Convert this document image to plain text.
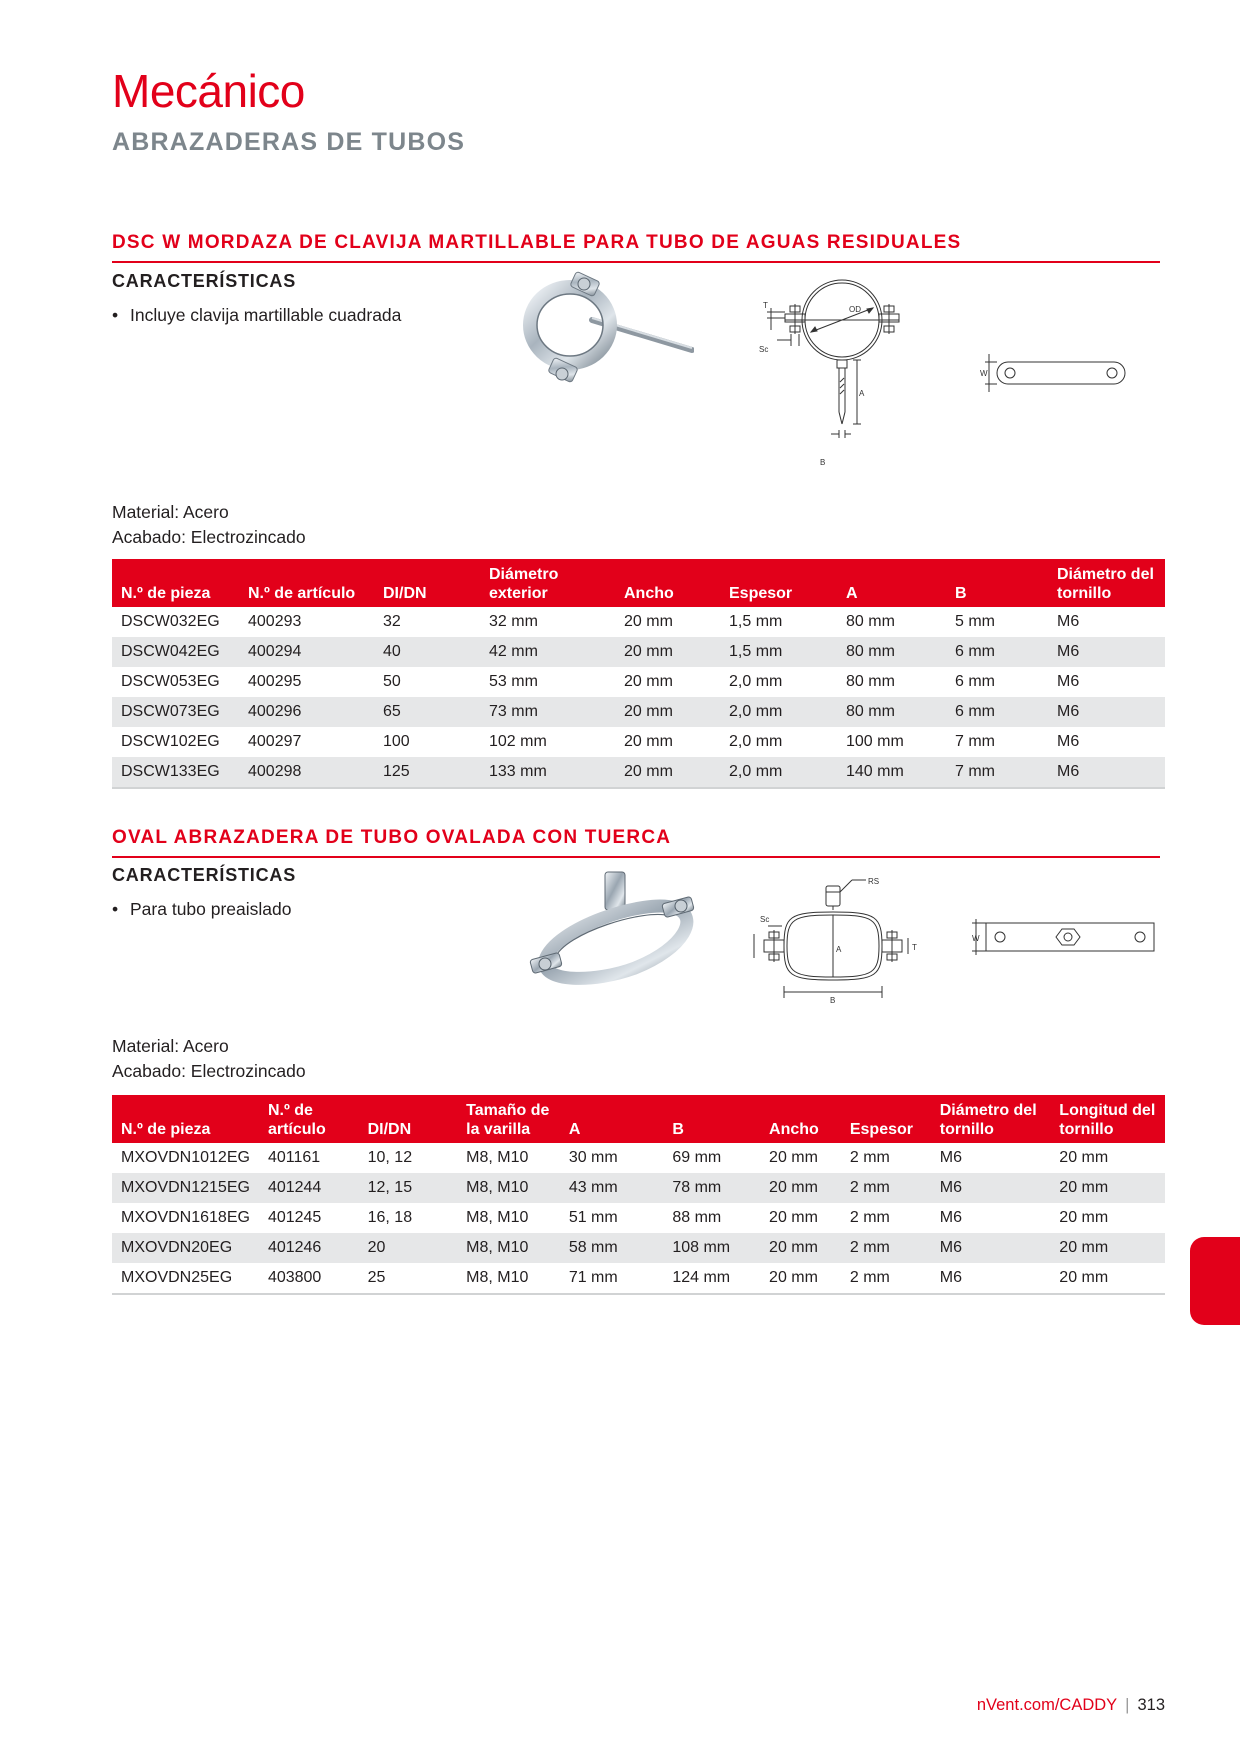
Mecánico
ABRAZADERAS DE TUBOS
DSC W MORDAZA DE CLAVIJA MARTILLABLE PARA TUBO DE AGUAS RESIDUALES
CARACTERÍSTICAS
• Incluye clavija martillable cuadrada	T	OD
Sc
A
B
W
Material: Acero
Acabado: Electrozincado
N.º de pieza	N.º de artículo	DI/DN	Diámetro exterior	Ancho	Espesor	A	B	Diámetro del tornillo
DSCW032EG	400293	32	32 mm	20 mm	1,5 mm	80 mm	5 mm	M6
DSCW042EG	400294	40	42 mm	20 mm	1,5 mm	80 mm	6 mm	M6
DSCW053EG	400295	50	53 mm	20 mm	2,0 mm	80 mm	6 mm	M6
DSCW073EG	400296	65	73 mm	20 mm	2,0 mm	80 mm	6 mm	M6
DSCW102EG	400297	100	102 mm	20 mm	2,0 mm	100 mm	7 mm	M6
DSCW133EG	400298	125	133 mm	20 mm	2,0 mm	140 mm	7 mm	M6
OVAL ABRAZADERA DE TUBO OVALADA CON TUERCA
CARACTERÍSTICAS
• Para tubo preaislado
RS
Sc
T
A
B
W
Material: Acero
Acabado: Electrozincado
N.º de pieza	N.º de artículo	DI/DN	Tamaño de la varilla	A	B	Ancho	Espesor	Diámetro del tornillo	Longitud del tornillo
MXOVDN1012EG	401161	10, 12	M8, M10	30 mm	69 mm	20 mm	2 mm	M6	20 mm
MXOVDN1215EG	401244	12, 15	M8, M10	43 mm	78 mm	20 mm	2 mm	M6	20 mm
MXOVDN1618EG	401245	16, 18	M8, M10	51 mm	88 mm	20 mm	2 mm	M6	20 mm
MXOVDN20EG	401246	20	M8, M10	58 mm	108 mm	20 mm	2 mm	M6	20 mm
MXOVDN25EG	403800	25	M8, M10	71 mm	124 mm	20 mm	2 mm	M6	20 mm
nVent.com/CADDY | 313
